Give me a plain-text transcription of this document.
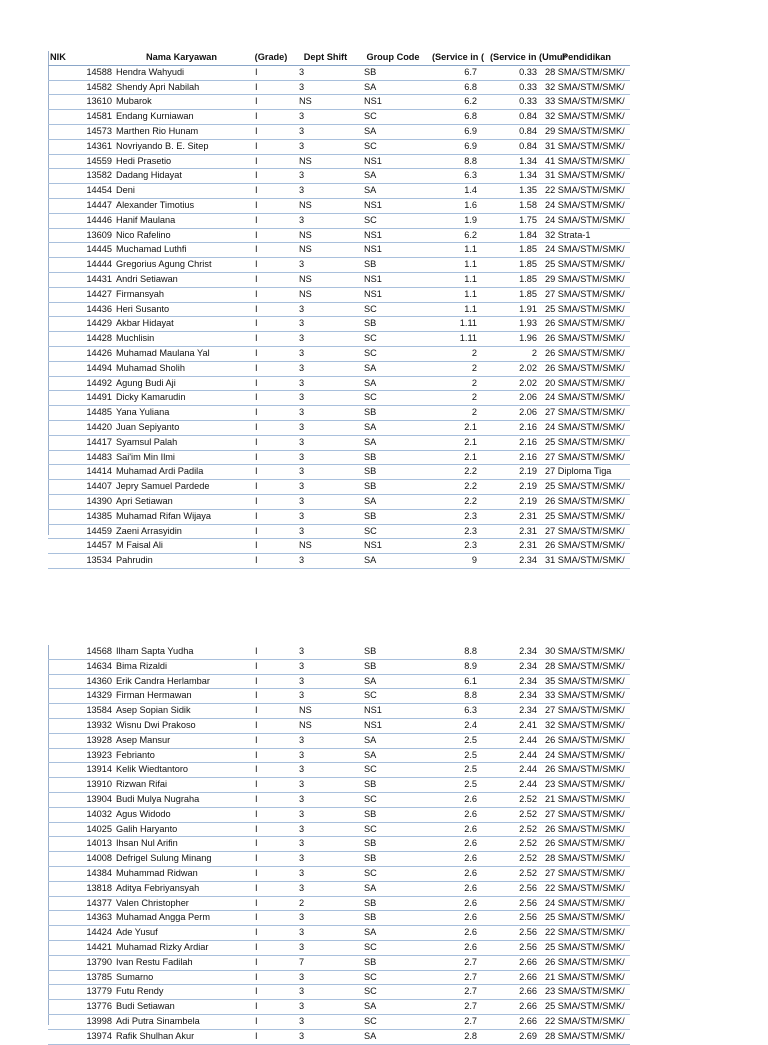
NIK	Nama Karyawan	(Grade)	Dept Shift	Group Code	(Service in (	(Service in (Umur	Pendidikan
14588	Hendra Wahyudi	I	3	SB	6.7	0.33	28 SMA/STM/SMK/
14582	Shendy Apri Nabilah	I	3	SA	6.8	0.33	32 SMA/STM/SMK/
13610	Mubarok	I	NS	NS1	6.2	0.33	33 SMA/STM/SMK/
14581	Endang Kurniawan	I	3	SC	6.8	0.84	32 SMA/STM/SMK/
14573	Marthen Rio Hunam	I	3	SA	6.9	0.84	29 SMA/STM/SMK/
14361	Novriyando B. E. Sitep	I	3	SC	6.9	0.84	31 SMA/STM/SMK/
14559	Hedi Prasetio	I	NS	NS1	8.8	1.34	41 SMA/STM/SMK/
13582	Dadang Hidayat	I	3	SA	6.3	1.34	31 SMA/STM/SMK/
14454	Deni	I	3	SA	1.4	1.35	22 SMA/STM/SMK/
14447	Alexander Timotius	I	NS	NS1	1.6	1.58	24 SMA/STM/SMK/
14446	Hanif Maulana	I	3	SC	1.9	1.75	24 SMA/STM/SMK/
13609	Nico Rafelino	I	NS	NS1	6.2	1.84	32 Strata-1
14445	Muchamad Luthfi	I	NS	NS1	1.1	1.85	24 SMA/STM/SMK/
14444	Gregorius Agung Christ	I	3	SB	1.1	1.85	25 SMA/STM/SMK/
14431	Andri Setiawan	I	NS	NS1	1.1	1.85	29 SMA/STM/SMK/
14427	Firmansyah	I	NS	NS1	1.1	1.85	27 SMA/STM/SMK/
14436	Heri Susanto	I	3	SC	1.1	1.91	25 SMA/STM/SMK/
14429	Akbar Hidayat	I	3	SB	1.11	1.93	26 SMA/STM/SMK/
14428	Muchlisin	I	3	SC	1.11	1.96	26 SMA/STM/SMK/
14426	Muhamad Maulana Yal	I	3	SC	2	2	26 SMA/STM/SMK/
14494	Muhamad Sholih	I	3	SA	2	2.02	26 SMA/STM/SMK/
14492	Agung Budi Aji	I	3	SA	2	2.02	20 SMA/STM/SMK/
14491	Dicky Kamarudin	I	3	SC	2	2.06	24 SMA/STM/SMK/
14485	Yana Yuliana	I	3	SB	2	2.06	27 SMA/STM/SMK/
14420	Juan Sepiyanto	I	3	SA	2.1	2.16	24 SMA/STM/SMK/
14417	Syamsul Palah	I	3	SA	2.1	2.16	25 SMA/STM/SMK/
14483	Sai'im Min Ilmi	I	3	SB	2.1	2.16	27 SMA/STM/SMK/
14414	Muhamad Ardi Padila	I	3	SB	2.2	2.19	27 Diploma Tiga
14407	Jepry Samuel Pardede	I	3	SB	2.2	2.19	25 SMA/STM/SMK/
14390	Apri Setiawan	I	3	SA	2.2	2.19	26 SMA/STM/SMK/
14385	Muhamad Rifan Wijaya	I	3	SB	2.3	2.31	25 SMA/STM/SMK/
14459	Zaeni Arrasyidin	I	3	SC	2.3	2.31	27 SMA/STM/SMK/
14457	M Faisal Ali	I	NS	NS1	2.3	2.31	26 SMA/STM/SMK/
13534	Pahrudin	I	3	SA	9	2.34	31 SMA/STM/SMK/
14568	Ilham Sapta Yudha	I	3	SB	8.8	2.34	30 SMA/STM/SMK/
14634	Bima Rizaldi	I	3	SB	8.9	2.34	28 SMA/STM/SMK/
14360	Erik Candra Herlambar	I	3	SA	6.1	2.34	35 SMA/STM/SMK/
14329	Firman Hermawan	I	3	SC	8.8	2.34	33 SMA/STM/SMK/
13584	Asep Sopian Sidik	I	NS	NS1	6.3	2.34	27 SMA/STM/SMK/
13932	Wisnu Dwi Prakoso	I	NS	NS1	2.4	2.41	32 SMA/STM/SMK/
13928	Asep Mansur	I	3	SA	2.5	2.44	26 SMA/STM/SMK/
13923	Febrianto	I	3	SA	2.5	2.44	24 SMA/STM/SMK/
13914	Kelik Wiedtantoro	I	3	SC	2.5	2.44	26 SMA/STM/SMK/
13910	Rizwan Rifai	I	3	SB	2.5	2.44	23 SMA/STM/SMK/
13904	Budi Mulya Nugraha	I	3	SC	2.6	2.52	21 SMA/STM/SMK/
14032	Agus Widodo	I	3	SB	2.6	2.52	27 SMA/STM/SMK/
14025	Galih Haryanto	I	3	SC	2.6	2.52	26 SMA/STM/SMK/
14013	Ihsan Nul Arifin	I	3	SB	2.6	2.52	26 SMA/STM/SMK/
14008	Defrigel Sulung Minang	I	3	SB	2.6	2.52	28 SMA/STM/SMK/
14384	Muhammad Ridwan	I	3	SC	2.6	2.52	27 SMA/STM/SMK/
13818	Aditya Febriyansyah	I	3	SA	2.6	2.56	22 SMA/STM/SMK/
14377	Valen Christopher	I	2	SB	2.6	2.56	24 SMA/STM/SMK/
14363	Muhamad Angga Perm	I	3	SB	2.6	2.56	25 SMA/STM/SMK/
14424	Ade Yusuf	I	3	SA	2.6	2.56	22 SMA/STM/SMK/
14421	Muhamad Rizky Ardiar	I	3	SC	2.6	2.56	25 SMA/STM/SMK/
13790	Ivan Restu Fadilah	I	7	SB	2.7	2.66	26 SMA/STM/SMK/
13785	Sumarno	I	3	SC	2.7	2.66	21 SMA/STM/SMK/
13779	Futu Rendy	I	3	SC	2.7	2.66	23 SMA/STM/SMK/
13776	Budi Setiawan	I	3	SA	2.7	2.66	25 SMA/STM/SMK/
13998	Adi Putra Sinambela	I	3	SC	2.7	2.66	22 SMA/STM/SMK/
13974	Rafik Shulhan Akur	I	3	SA	2.8	2.69	28 SMA/STM/SMK/
